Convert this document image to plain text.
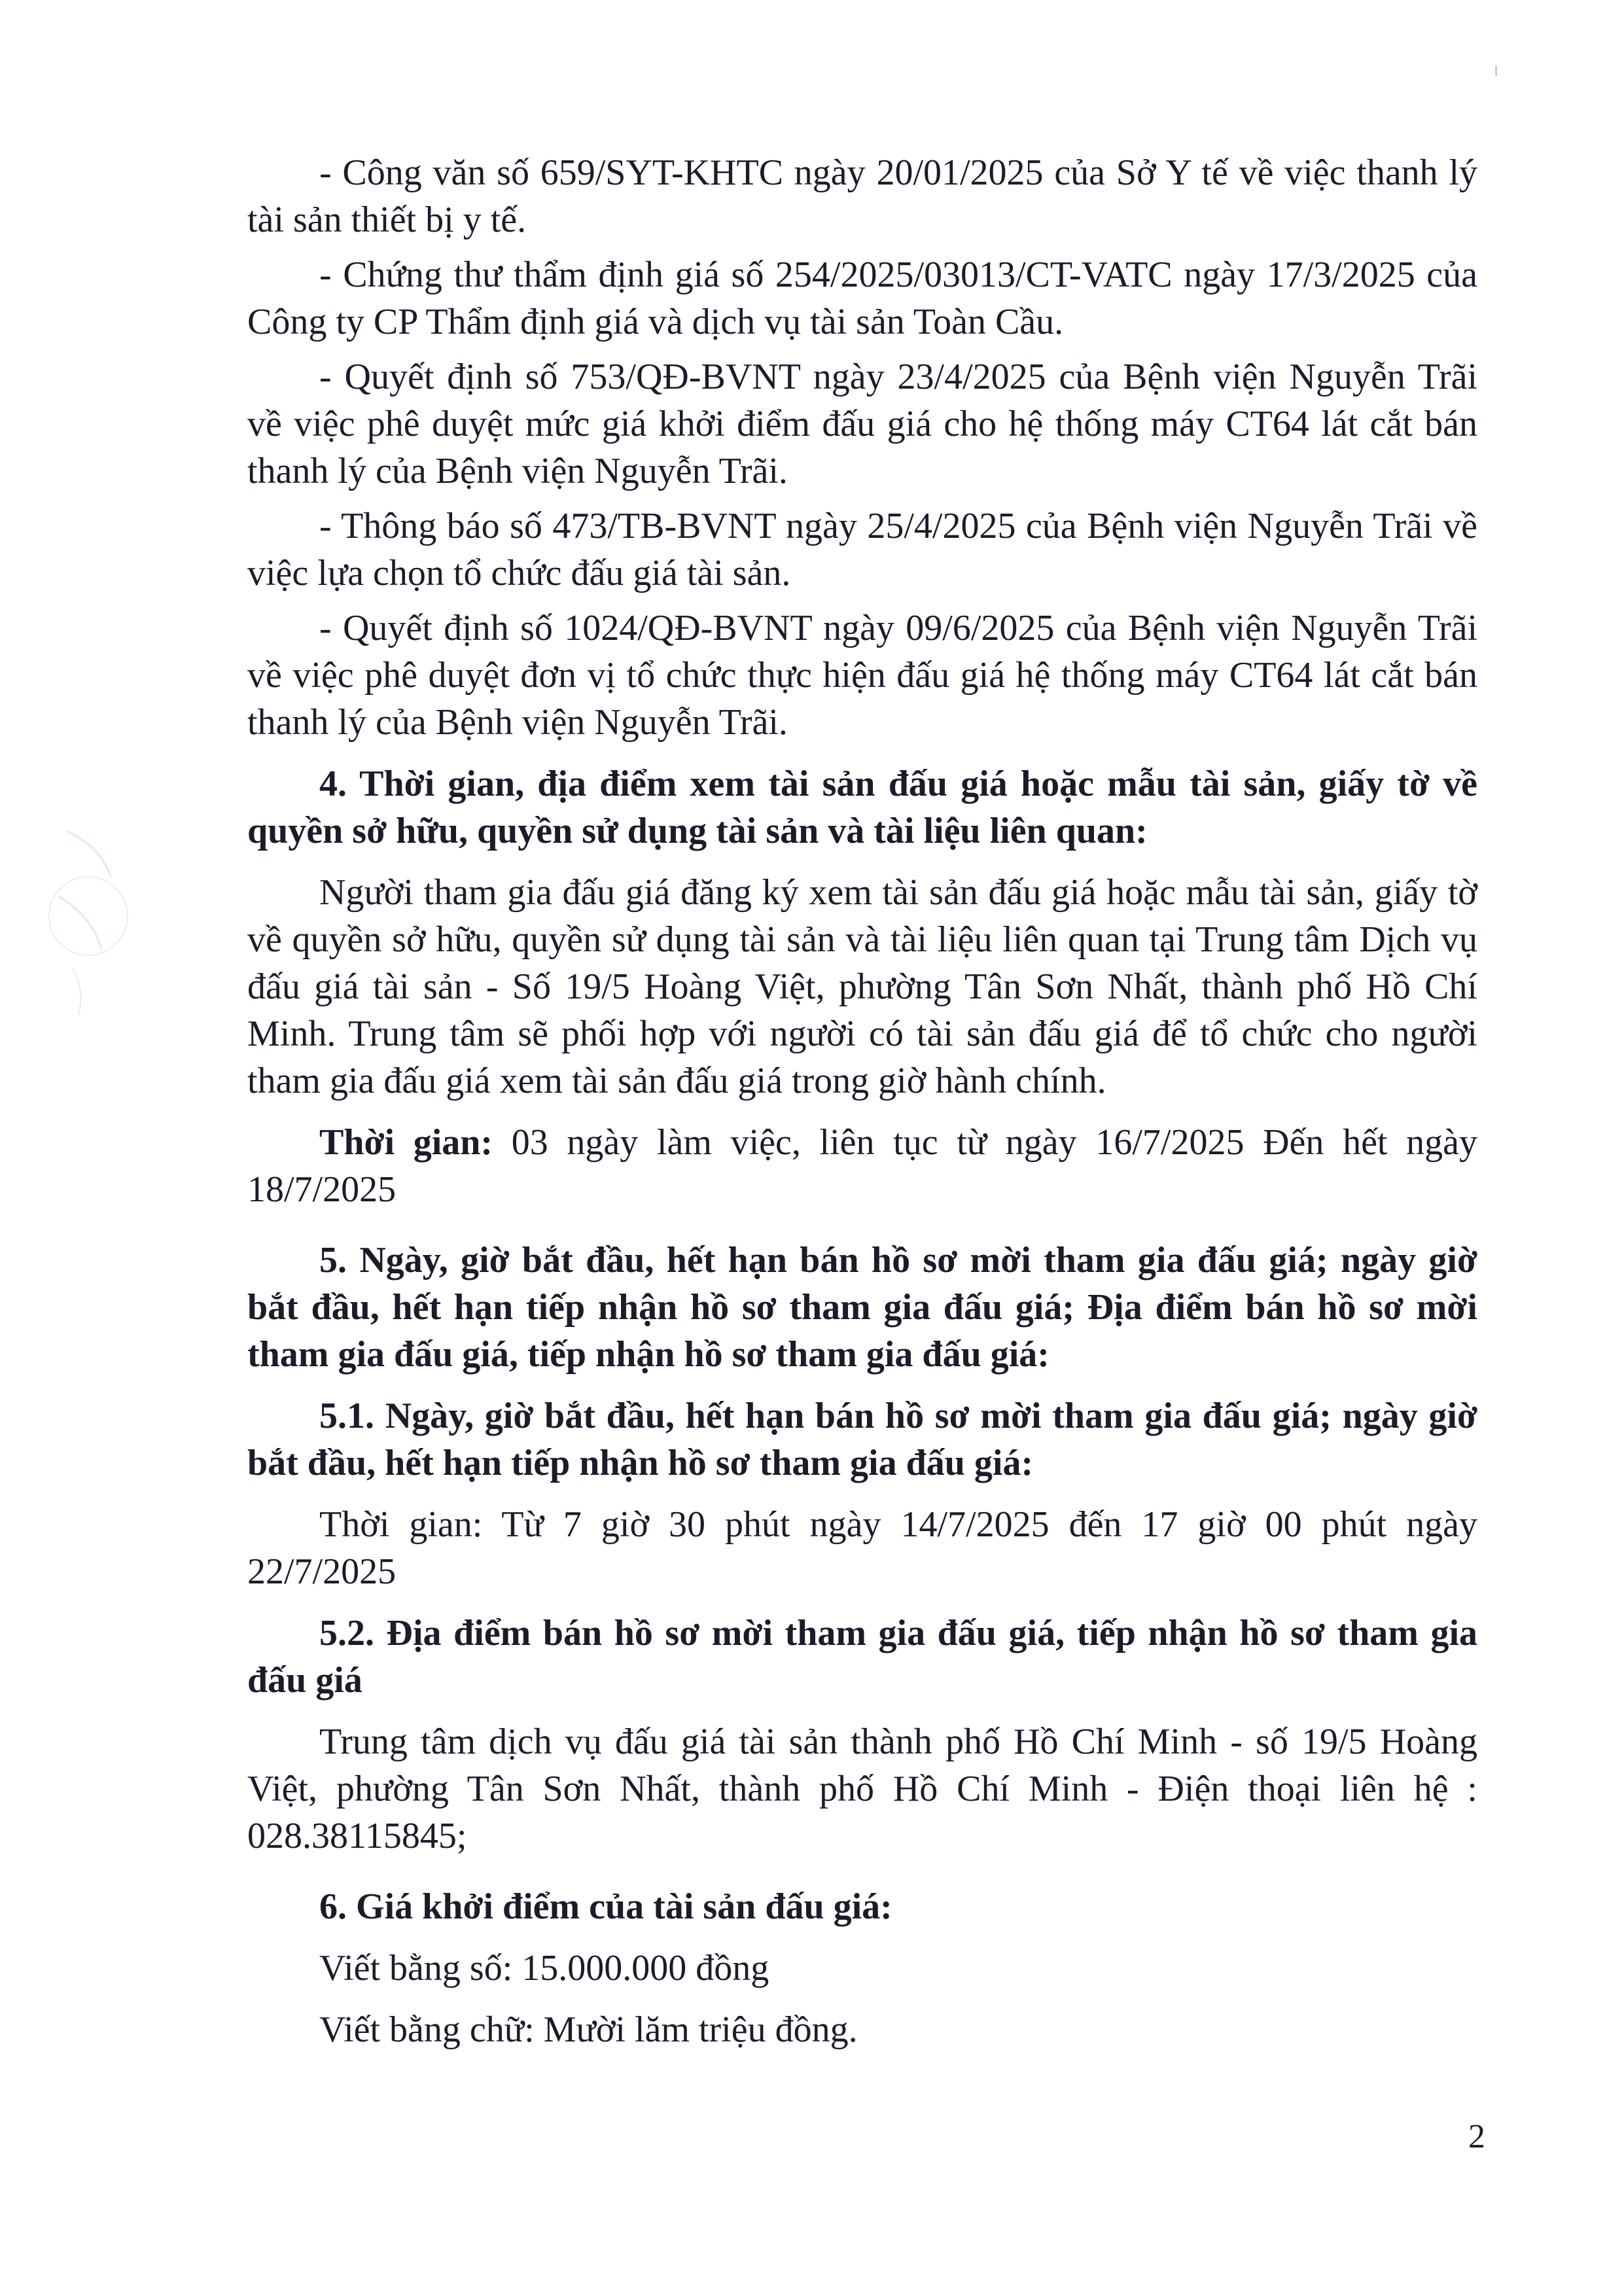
- Công văn số 659/SYT-KHTC ngày 20/01/2025 của Sở Y tế về việc thanh lý tài sản thiết bị y tế.

- Chứng thư thẩm định giá số 254/2025/03013/CT-VATC ngày 17/3/2025 của Công ty CP Thẩm định giá và dịch vụ tài sản Toàn Cầu.

- Quyết định số 753/QĐ-BVNT ngày 23/4/2025 của Bệnh viện Nguyễn Trãi về việc phê duyệt mức giá khởi điểm đấu giá cho hệ thống máy CT64 lát cắt bán thanh lý của Bệnh viện Nguyễn Trãi.

- Thông báo số 473/TB-BVNT ngày 25/4/2025 của Bệnh viện Nguyễn Trãi về việc lựa chọn tổ chức đấu giá tài sản.

- Quyết định số 1024/QĐ-BVNT ngày 09/6/2025 của Bệnh viện Nguyễn Trãi về việc phê duyệt đơn vị tổ chức thực hiện đấu giá hệ thống máy CT64 lát cắt bán thanh lý của Bệnh viện Nguyễn Trãi.

4. Thời gian, địa điểm xem tài sản đấu giá hoặc mẫu tài sản, giấy tờ về quyền sở hữu, quyền sử dụng tài sản và tài liệu liên quan:

Người tham gia đấu giá đăng ký xem tài sản đấu giá hoặc mẫu tài sản, giấy tờ về quyền sở hữu, quyền sử dụng tài sản và tài liệu liên quan tại Trung tâm Dịch vụ đấu giá tài sản - Số 19/5 Hoàng Việt, phường Tân Sơn Nhất, thành phố Hồ Chí Minh. Trung tâm sẽ phối hợp với người có tài sản đấu giá để tổ chức cho người tham gia đấu giá xem tài sản đấu giá trong giờ hành chính.

Thời gian: 03 ngày làm việc, liên tục từ ngày 16/7/2025 Đến hết ngày 18/7/2025

5. Ngày, giờ bắt đầu, hết hạn bán hồ sơ mời tham gia đấu giá; ngày giờ bắt đầu, hết hạn tiếp nhận hồ sơ tham gia đấu giá; Địa điểm bán hồ sơ mời tham gia đấu giá, tiếp nhận hồ sơ tham gia đấu giá:

5.1. Ngày, giờ bắt đầu, hết hạn bán hồ sơ mời tham gia đấu giá; ngày giờ bắt đầu, hết hạn tiếp nhận hồ sơ tham gia đấu giá:

Thời gian: Từ 7 giờ 30 phút ngày 14/7/2025 đến 17 giờ 00 phút ngày 22/7/2025

5.2. Địa điểm bán hồ sơ mời tham gia đấu giá, tiếp nhận hồ sơ tham gia đấu giá

Trung tâm dịch vụ đấu giá tài sản thành phố Hồ Chí Minh - số 19/5 Hoàng Việt, phường Tân Sơn Nhất, thành phố Hồ Chí Minh - Điện thoại liên hệ : 028.38115845;

6. Giá khởi điểm của tài sản đấu giá:

Viết bằng số: 15.000.000 đồng

Viết bằng chữ: Mười lăm triệu đồng.

2
